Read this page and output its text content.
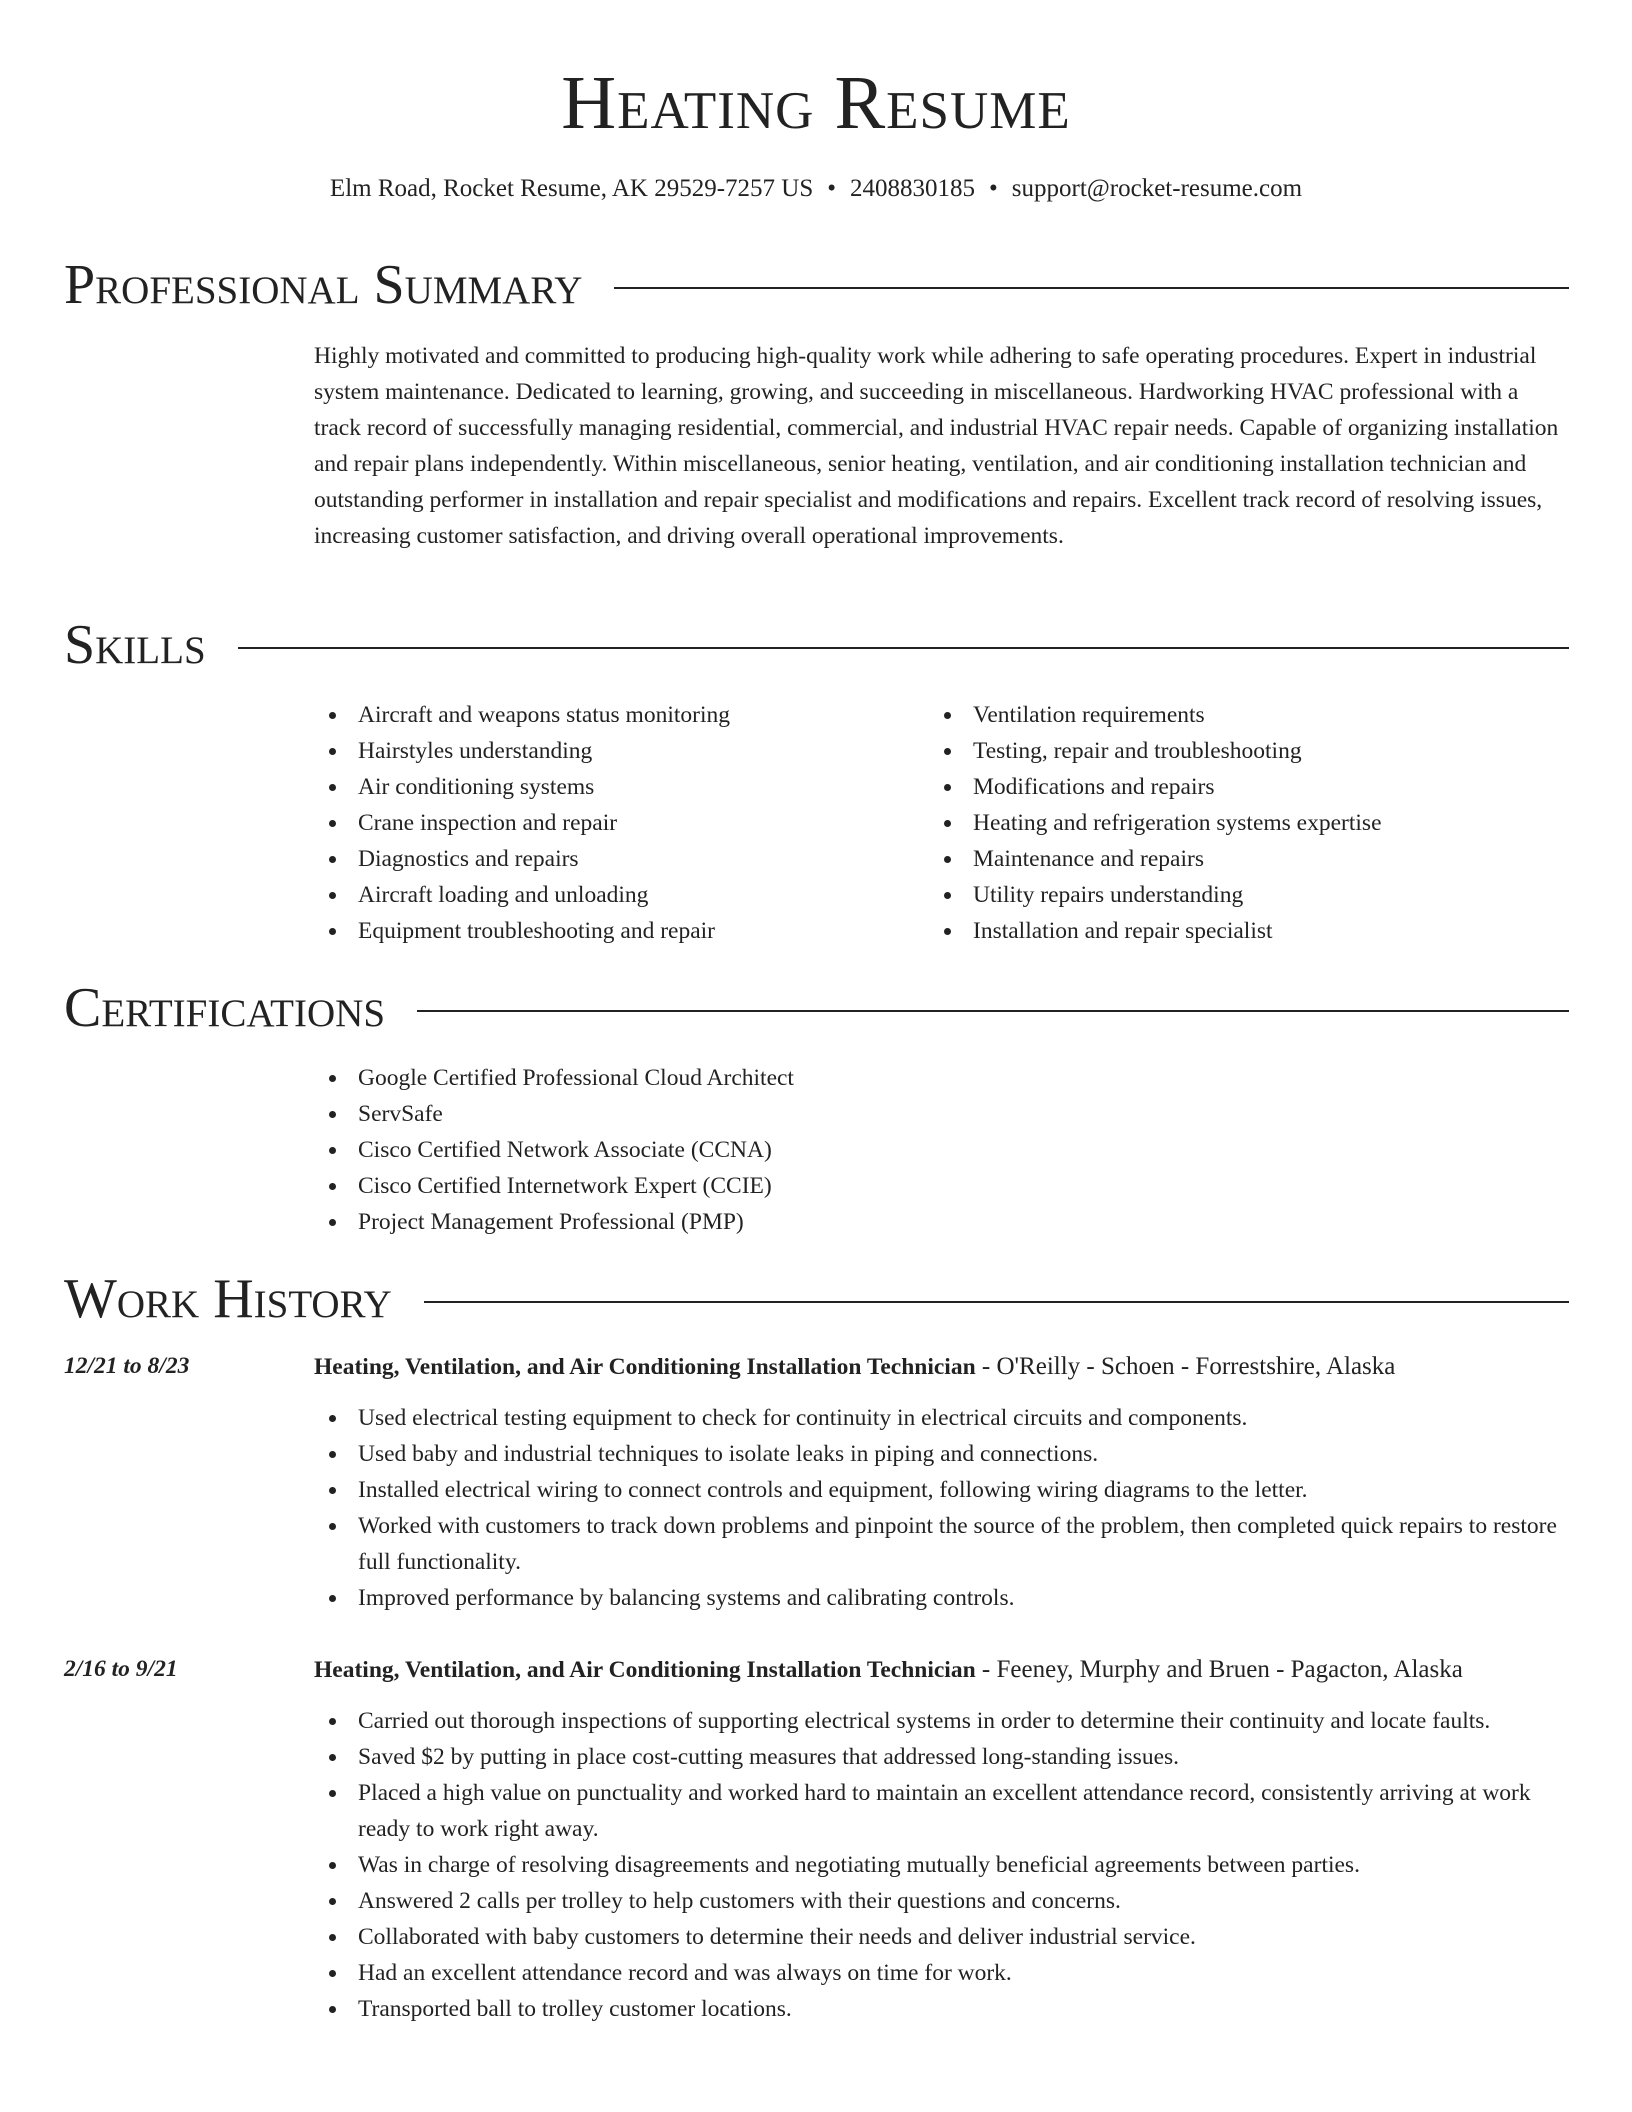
Heating Resume
Elm Road, Rocket Resume, AK 29529-7257 US • 2408830185 • support@rocket-resume.com
Professional Summary

Highly motivated and committed to producing high-quality work while adhering to safe operating procedures. Expert in industrial system maintenance. Dedicated to learning, growing, and succeeding in miscellaneous. Hardworking HVAC professional with a track record of successfully managing residential, commercial, and industrial HVAC repair needs. Capable of organizing installation and repair plans independently. Within miscellaneous, senior heating, ventilation, and air conditioning installation technician and outstanding performer in installation and repair specialist and modifications and repairs. Excellent track record of resolving issues, increasing customer satisfaction, and driving overall operational improvements.

Skills
Aircraft and weapons status monitoring
Hairstyles understanding
Air conditioning systems
Crane inspection and repair
Diagnostics and repairs
Aircraft loading and unloading
Equipment troubleshooting and repair
Ventilation requirements
Testing, repair and troubleshooting
Modifications and repairs
Heating and refrigeration systems expertise
Maintenance and repairs
Utility repairs understanding
Installation and repair specialist
Certifications
Google Certified Professional Cloud Architect
ServSafe
Cisco Certified Network Associate (CCNA)
Cisco Certified Internetwork Expert (CCIE)
Project Management Professional (PMP)
Work History
12/21 to 8/23	Heating, Ventilation, and Air Conditioning Installation Technician - O'Reilly - Schoen - Forrestshire, Alaska
Used electrical testing equipment to check for continuity in electrical circuits and components.
Used baby and industrial techniques to isolate leaks in piping and connections.
Installed electrical wiring to connect controls and equipment, following wiring diagrams to the letter.
Worked with customers to track down problems and pinpoint the source of the problem, then completed quick repairs to restore full functionality.
Improved performance by balancing systems and calibrating controls.
2/16 to 9/21	Heating, Ventilation, and Air Conditioning Installation Technician - Feeney, Murphy and Bruen - Pagacton, Alaska
Carried out thorough inspections of supporting electrical systems in order to determine their continuity and locate faults.
Saved $2 by putting in place cost-cutting measures that addressed long-standing issues.
Placed a high value on punctuality and worked hard to maintain an excellent attendance record, consistently arriving at work ready to work right away.
Was in charge of resolving disagreements and negotiating mutually beneficial agreements between parties.
Answered 2 calls per trolley to help customers with their questions and concerns.
Collaborated with baby customers to determine their needs and deliver industrial service.
Had an excellent attendance record and was always on time for work.
Transported ball to trolley customer locations.
